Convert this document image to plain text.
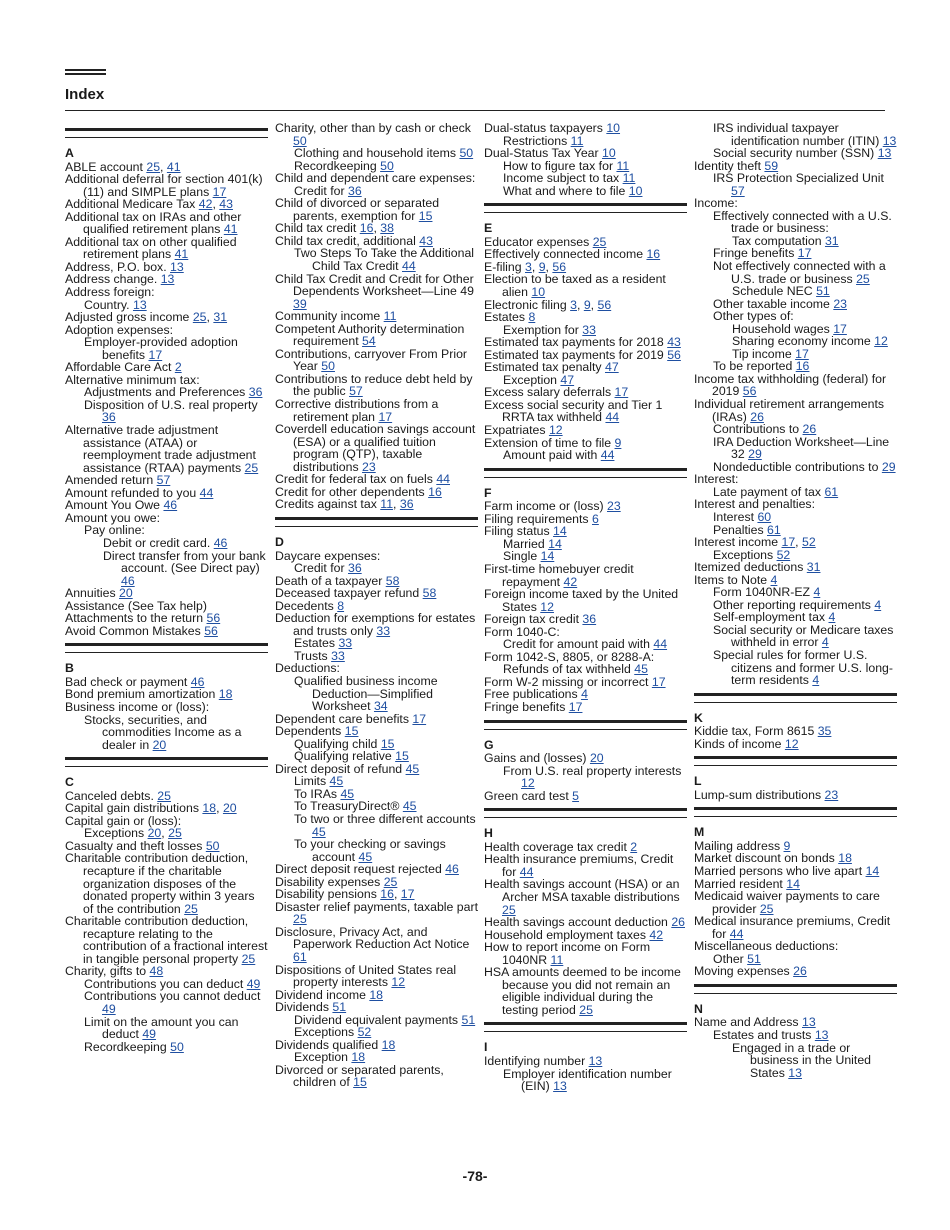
Index
A
ABLE account 25, 41
Additional deferral for section 401(k)(11) and SIMPLE plans 17
Additional Medicare Tax 42, 43
Additional tax on IRAs and other qualified retirement plans 41
Additional tax on other qualified retirement plans 41
Address, P.O. box. 13
Address change. 13
Address foreign:
Country. 13
Adjusted gross income 25, 31
Adoption expenses:
Employer-provided adoption benefits 17
Affordable Care Act 2
Alternative minimum tax:
Adjustments and Preferences 36
Disposition of U.S. real property 36
Alternative trade adjustment assistance (ATAA) or reemployment trade adjustment assistance (RTAA) payments 25
Amended return 57
Amount refunded to you 44
Amount You Owe 46
Amount you owe:
Pay online:
Debit or credit card. 46
Direct transfer from your bank account. (See Direct pay) 46
Annuities 20
Assistance (See Tax help)
Attachments to the return 56
Avoid Common Mistakes 56
B
Bad check or payment 46
Bond premium amortization 18
Business income or (loss):
Stocks, securities, and commodities Income as a dealer in 20
C
Canceled debts. 25
Capital gain distributions 18, 20
Capital gain or (loss):
Exceptions 20, 25
Casualty and theft losses 50
Charitable contribution deduction, recapture if the charitable organization disposes of the donated property within 3 years of the contribution 25
Charitable contribution deduction, recapture relating to the contribution of a fractional interest in tangible personal property 25
Charity, gifts to 48
Contributions you can deduct 49
Contributions you cannot deduct 49
Limit on the amount you can deduct 49
Recordkeeping 50
Charity, other than by cash or check 50
Clothing and household items 50
Recordkeeping 50
Child and dependent care expenses:
Credit for 36
Child of divorced or separated parents, exemption for 15
Child tax credit 16, 38
Child tax credit, additional 43
Two Steps To Take the Additional Child Tax Credit 44
Child Tax Credit and Credit for Other Dependents Worksheet—Line 49 39
Community income 11
Competent Authority determination requirement 54
Contributions, carryover From Prior Year 50
Contributions to reduce debt held by the public 57
Corrective distributions from a retirement plan 17
Coverdell education savings account (ESA) or a qualified tuition program (QTP), taxable distributions 23
Credit for federal tax on fuels 44
Credit for other dependents 16
Credits against tax 11, 36
D
Daycare expenses:
Credit for 36
Death of a taxpayer 58
Deceased taxpayer refund 58
Decedents 8
Deduction for exemptions for estates and trusts only 33
Estates 33
Trusts 33
Deductions:
Qualified business income Deduction—Simplified Worksheet 34
Dependent care benefits 17
Dependents 15
Qualifying child 15
Qualifying relative 15
Direct deposit of refund 45
Limits 45
To IRAs 45
To TreasuryDirect® 45
To two or three different accounts 45
To your checking or savings account 45
Direct deposit request rejected 46
Disability expenses 25
Disability pensions 16, 17
Disaster relief payments, taxable part 25
Disclosure, Privacy Act, and Paperwork Reduction Act Notice 61
Dispositions of United States real property interests 12
Dividend income 18
Dividends 51
Dividend equivalent payments 51
Exceptions 52
Dividends qualified 18
Exception 18
Divorced or separated parents, children of 15
Dual-status taxpayers 10
Restrictions 11
Dual-Status Tax Year 10
How to figure tax for 11
Income subject to tax 11
What and where to file 10
E
Educator expenses 25
Effectively connected income 16
E-filing 3, 9, 56
Election to be taxed as a resident alien 10
Electronic filing 3, 9, 56
Estates 8
Exemption for 33
Estimated tax payments for 2018 43
Estimated tax payments for 2019 56
Estimated tax penalty 47
Exception 47
Excess salary deferrals 17
Excess social security and Tier 1 RRTA tax withheld 44
Expatriates 12
Extension of time to file 9
Amount paid with 44
F
Farm income or (loss) 23
Filing requirements 6
Filing status 14
Married 14
Single 14
First-time homebuyer credit repayment 42
Foreign income taxed by the United States 12
Foreign tax credit 36
Form 1040-C:
Credit for amount paid with 44
Form 1042-S, 8805, or 8288-A:
Refunds of tax withheld 45
Form W-2 missing or incorrect 17
Free publications 4
Fringe benefits 17
G
Gains and (losses) 20
From U.S. real property interests 12
Green card test 5
H
Health coverage tax credit 2
Health insurance premiums, Credit for 44
Health savings account (HSA) or an Archer MSA taxable distributions 25
Health savings account deduction 26
Household employment taxes 42
How to report income on Form 1040NR 11
HSA amounts deemed to be income because you did not remain an eligible individual during the testing period 25
I
Identifying number 13
Employer identification number (EIN) 13
IRS individual taxpayer identification number (ITIN) 13
Social security number (SSN) 13
Identity theft 59
IRS Protection Specialized Unit 57
Income:
Effectively connected with a U.S. trade or business:
Tax computation 31
Fringe benefits 17
Not effectively connected with a U.S. trade or business 25
Schedule NEC 51
Other taxable income 23
Other types of:
Household wages 17
Sharing economy income 12
Tip income 17
To be reported 16
Income tax withholding (federal) for 2019 56
Individual retirement arrangements (IRAs) 26
Contributions to 26
IRA Deduction Worksheet—Line 32 29
Nondeductible contributions to 29
Interest:
Late payment of tax 61
Interest and penalties:
Interest 60
Penalties 61
Interest income 17, 52
Exceptions 52
Itemized deductions 31
Items to Note 4
Form 1040NR-EZ 4
Other reporting requirements 4
Self-employment tax 4
Social security or Medicare taxes withheld in error 4
Special rules for former U.S. citizens and former U.S. long-term residents 4
K
Kiddie tax, Form 8615 35
Kinds of income 12
L
Lump-sum distributions 23
M
Mailing address 9
Market discount on bonds 18
Married persons who live apart 14
Married resident 14
Medicaid waiver payments to care provider 25
Medical insurance premiums, Credit for 44
Miscellaneous deductions:
Other 51
Moving expenses 26
N
Name and Address 13
Estates and trusts 13
Engaged in a trade or business in the United States 13
-78-
